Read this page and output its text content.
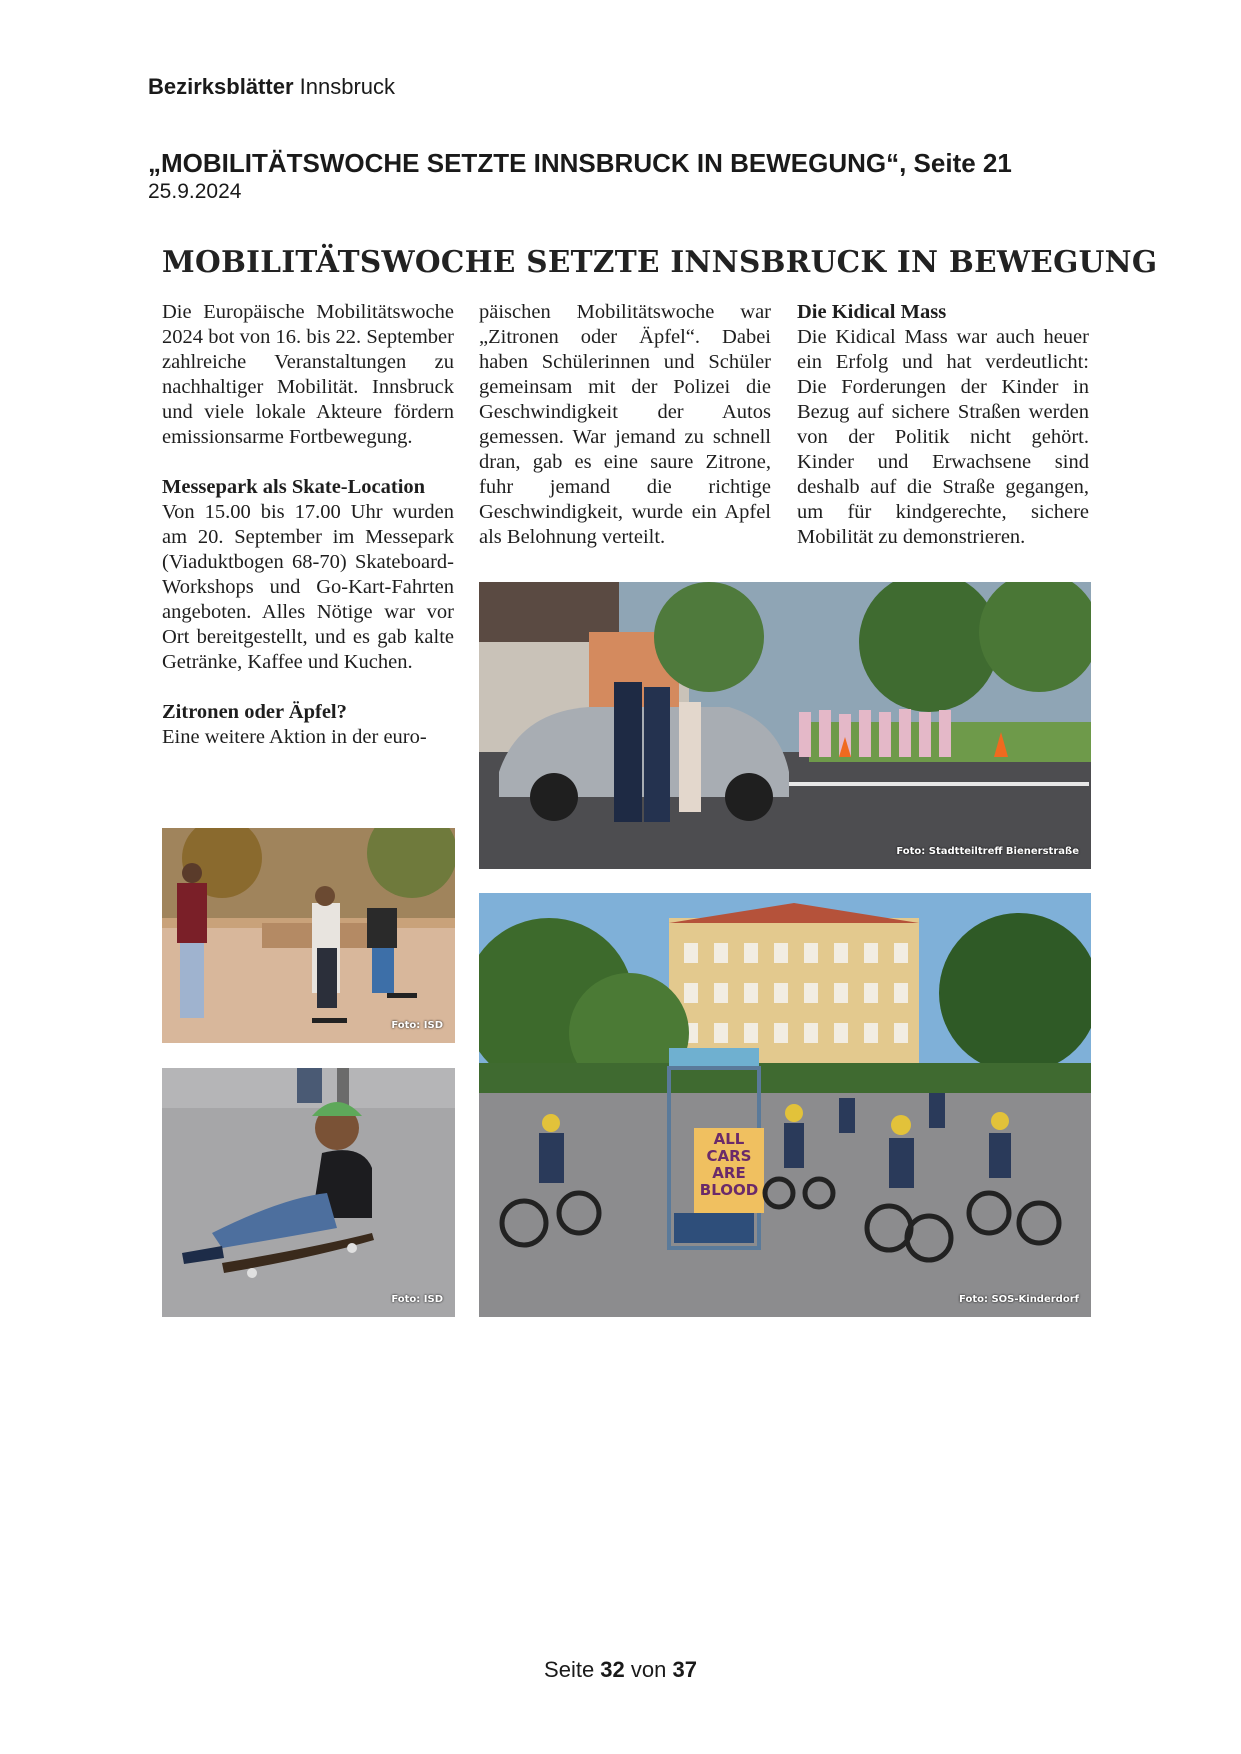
Bezirksblätter Innsbruck
„MOBILITÄTSWOCHE SETZTE INNSBRUCK IN BEWEGUNG“, Seite 21
25.9.2024
MOBILITÄTSWOCHE SETZTE INNSBRUCK IN BEWEGUNG

Die Europäische Mobilitätswoche 2024 bot von 16. bis 22. September zahlreiche Veranstaltungen zu nachhaltiger Mobilität. Innsbruck und viele lokale Akteure fördern emissionsarme Fortbewegung.

Messepark als Skate-Location

Von 15.00 bis 17.00 Uhr wurden am 20. September im Messepark (Viaduktbogen 68-70) Skateboard-Workshops und Go-Kart-Fahrten angeboten. Alles Nötige war vor Ort bereitgestellt, und es gab kalte Getränke, Kaffee und Kuchen.

Zitronen oder Äpfel?

Eine weitere Aktion in der euro-

päischen Mobilitätswoche war „Zitronen oder Äpfel“. Dabei haben Schülerinnen und Schüler gemeinsam mit der Polizei die Geschwindigkeit der Autos gemessen. War jemand zu schnell dran, gab es eine saure Zitrone, fuhr jemand die richtige Geschwindigkeit, wurde ein Apfel als Belohnung verteilt.

Die Kidical Mass

Die Kidical Mass war auch heuer ein Erfolg und hat verdeutlicht: Die Forderungen der Kinder in Bezug auf sichere Straßen werden von der Politik nicht gehört. Kinder und Erwachsene sind deshalb auf die Straße gegangen, um für kindgerechte, sichere Mobilität zu demonstrieren.

Foto: Stadtteiltreff Bienerstraße
Foto: ISD
Foto: ISD
ALL CARS ARE BLOOD
Foto: SOS-Kinderdorf
Seite 32 von 37
